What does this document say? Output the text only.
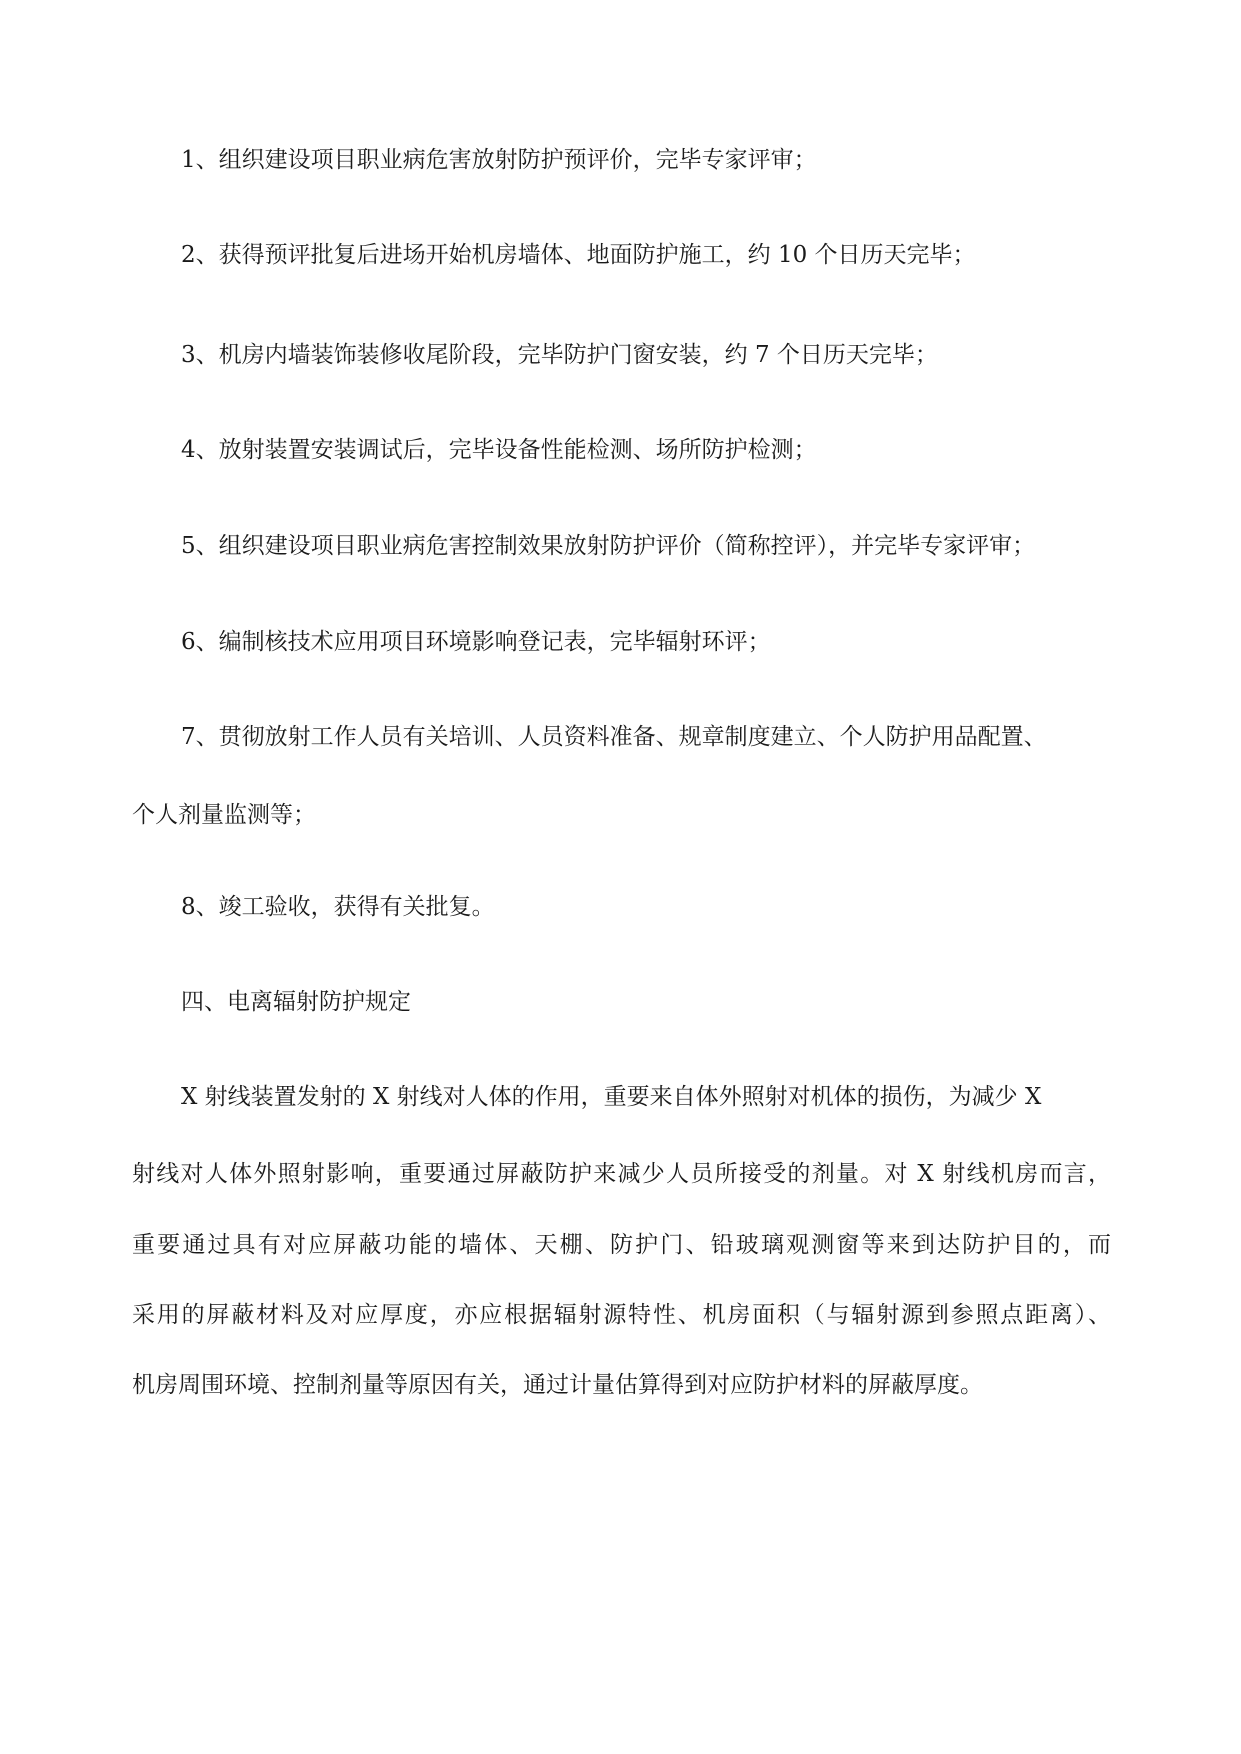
1、组织建设项目职业病危害放射防护预评价，完毕专家评审；
2、获得预评批复后进场开始机房墙体、地面防护施工，约 10 个日历天完毕；
3、机房内墙装饰装修收尾阶段，完毕防护门窗安装，约 7 个日历天完毕；
4、放射装置安装调试后，完毕设备性能检测、场所防护检测；
5、组织建设项目职业病危害控制效果放射防护评价（简称控评），并完毕专家评审；
6、编制核技术应用项目环境影响登记表，完毕辐射环评；
7、贯彻放射工作人员有关培训、人员资料准备、规章制度建立、个人防护用品配置、
个人剂量监测等；
8、竣工验收，获得有关批复。
四、电离辐射防护规定
X 射线装置发射的 X 射线对人体的作用，重要来自体外照射对机体的损伤，为减少 X
射线对人体外照射影响，重要通过屏蔽防护来减少人员所接受的剂量。对 X 射线机房而言，
重要通过具有对应屏蔽功能的墙体、天棚、防护门、铅玻璃观测窗等来到达防护目的，而
采用的屏蔽材料及对应厚度，亦应根据辐射源特性、机房面积（与辐射源到参照点距离）、
机房周围环境、控制剂量等原因有关，通过计量估算得到对应防护材料的屏蔽厚度。
